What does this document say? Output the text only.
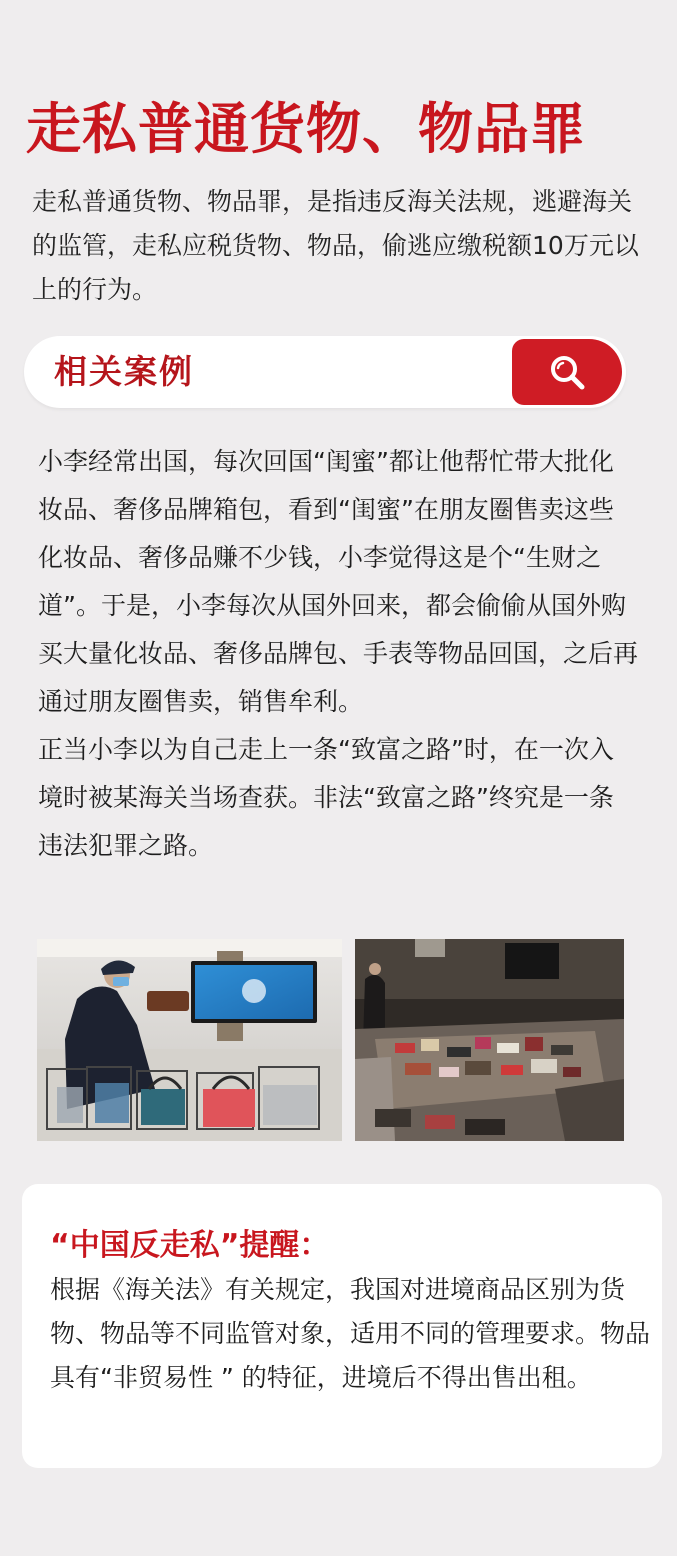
走私普通货物、物品罪
走私普通货物、物品罪，是指违反海关法规，逃避海关的监管，走私应税货物、物品，偷逃应缴税额10万元以上的行为。
相关案例

小李经常出国，每次回国“闺蜜”都让他帮忙带大批化妆品、奢侈品牌箱包，看到“闺蜜”在朋友圈售卖这些化妆品、奢侈品赚不少钱，小李觉得这是个“生财之道”。于是，小李每次从国外回来，都会偷偷从国外购买大量化妆品、奢侈品牌包、手表等物品回国，之后再通过朋友圈售卖，销售牟利。

正当小李以为自己走上一条“致富之路”时，在一次入境时被某海关当场查获。非法“致富之路”终究是一条违法犯罪之路。

“中国反走私”提醒：
根据《海关法》有关规定，我国对进境商品区别为货物、物品等不同监管对象，适用不同的管理要求。物品具有“非贸易性 ” 的特征，进境后不得出售出租。
